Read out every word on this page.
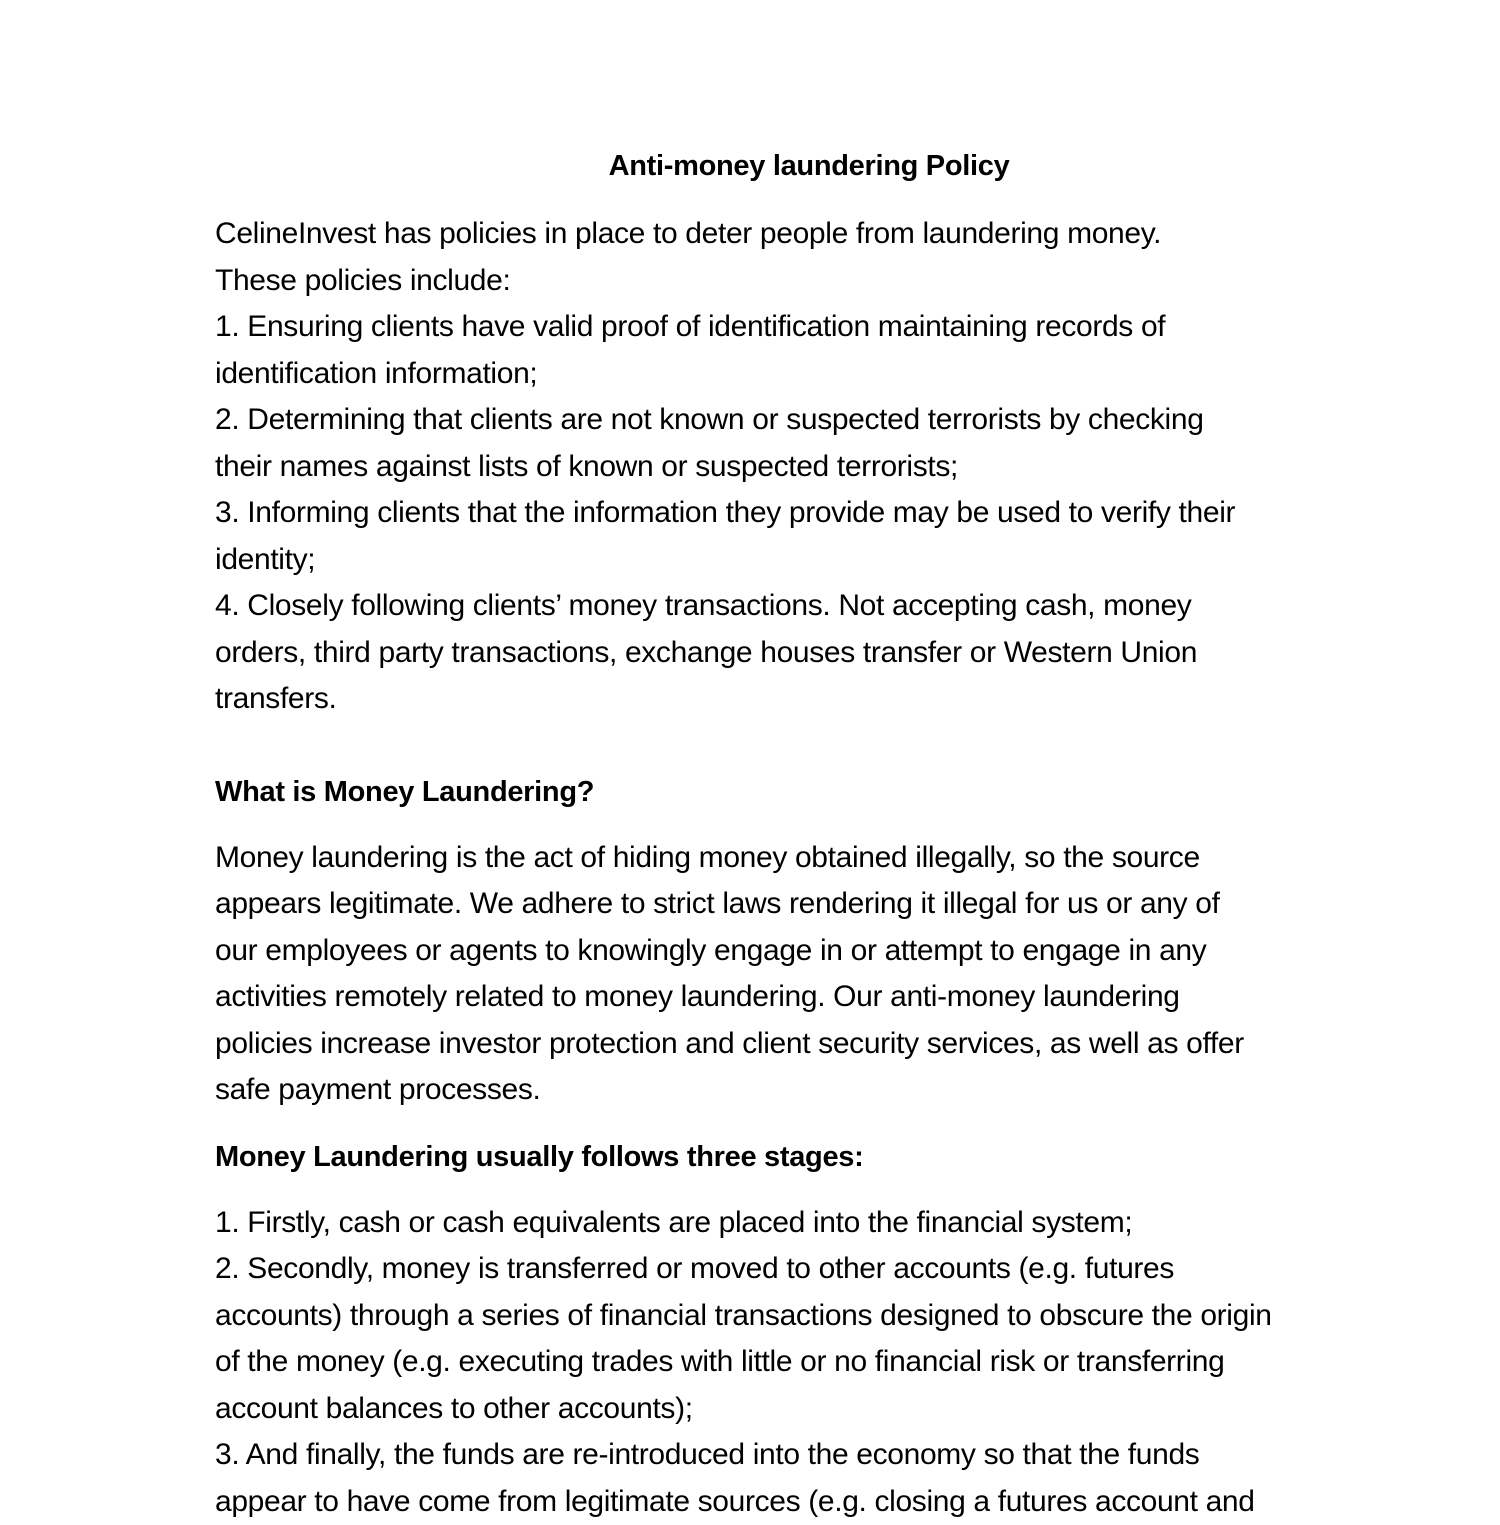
Anti-money laundering Policy

CelineInvest has policies in place to deter people from laundering money.

These policies include:

1. Ensuring clients have valid proof of identification maintaining records of

identification information;

2. Determining that clients are not known or suspected terrorists by checking

their names against lists of known or suspected terrorists;

3. Informing clients that the information they provide may be used to verify their

identity;

4. Closely following clients’ money transactions. Not accepting cash, money

orders, third party transactions, exchange houses transfer or Western Union

transfers.

What is Money Laundering?

Money laundering is the act of hiding money obtained illegally, so the source

appears legitimate. We adhere to strict laws rendering it illegal for us or any of

our employees or agents to knowingly engage in or attempt to engage in any

activities remotely related to money laundering. Our anti-money laundering

policies increase investor protection and client security services, as well as offer

safe payment processes.

Money Laundering usually follows three stages:

1. Firstly, cash or cash equivalents are placed into the financial system;

2. Secondly, money is transferred or moved to other accounts (e.g. futures

accounts) through a series of financial transactions designed to obscure the origin

of the money (e.g. executing trades with little or no financial risk or transferring

account balances to other accounts);

3. And finally, the funds are re-introduced into the economy so that the funds

appear to have come from legitimate sources (e.g. closing a futures account and
